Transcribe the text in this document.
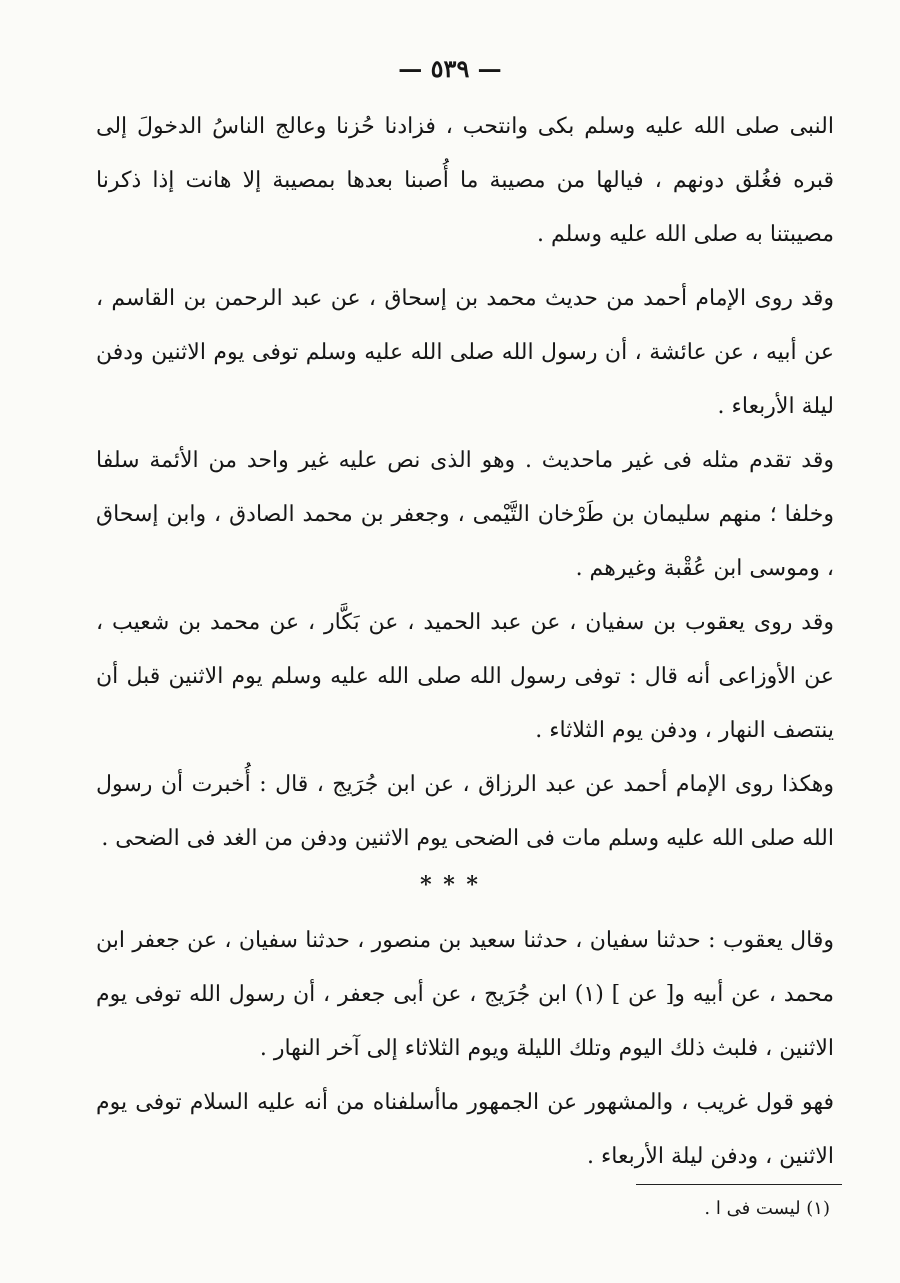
— ٥٣٩ —

النبى صلى الله عليه وسلم بكى وانتحب ، فزادنا حُزنا وعالج الناسُ الدخولَ إلى قبره فغُلق دونهم ، فيالها من مصيبة ما أُصبنا بعدها بمصيبة إلا هانت إذا ذكرنا مصيبتنا به صلى الله عليه وسلم .

وقد روى الإمام أحمد من حديث محمد بن إسحاق ، عن عبد الرحمن بن القاسم ، عن أبيه ، عن عائشة ، أن رسول الله صلى الله عليه وسلم توفى يوم الاثنين ودفن ليلة الأربعاء .

وقد تقدم مثله فى غير ماحديث . وهو الذى نص عليه غير واحد من الأئمة سلفا وخلفا ؛ منهم سليمان بن طَرْخان التَّيْمى ، وجعفر بن محمد الصادق ، وابن إسحاق ، وموسى ابن عُقْبة وغيرهم .

وقد روى يعقوب بن سفيان ، عن عبد الحميد ، عن بَكَّار ، عن محمد بن شعيب ، عن الأوزاعى أنه قال : توفى رسول الله صلى الله عليه وسلم يوم الاثنين قبل أن ينتصف النهار ، ودفن يوم الثلاثاء .

وهكذا روى الإمام أحمد عن عبد الرزاق ، عن ابن جُرَيج ، قال : أُخبرت أن رسول الله صلى الله عليه وسلم مات فى الضحى يوم الاثنين ودفن من الغد فى الضحى .

* * *

وقال يعقوب : حدثنا سفيان ، حدثنا سعيد بن منصور ، حدثنا سفيان ، عن جعفر ابن محمد ، عن أبيه و[ عن ] (١) ابن جُرَيج ، عن أبى جعفر ، أن رسول الله توفى يوم الاثنين ، فلبث ذلك اليوم وتلك الليلة ويوم الثلاثاء إلى آخر النهار .

فهو قول غريب ، والمشهور عن الجمهور ماأسلفناه من أنه عليه السلام توفى يوم الاثنين ، ودفن ليلة الأربعاء .

(١) ليست فى ا .
